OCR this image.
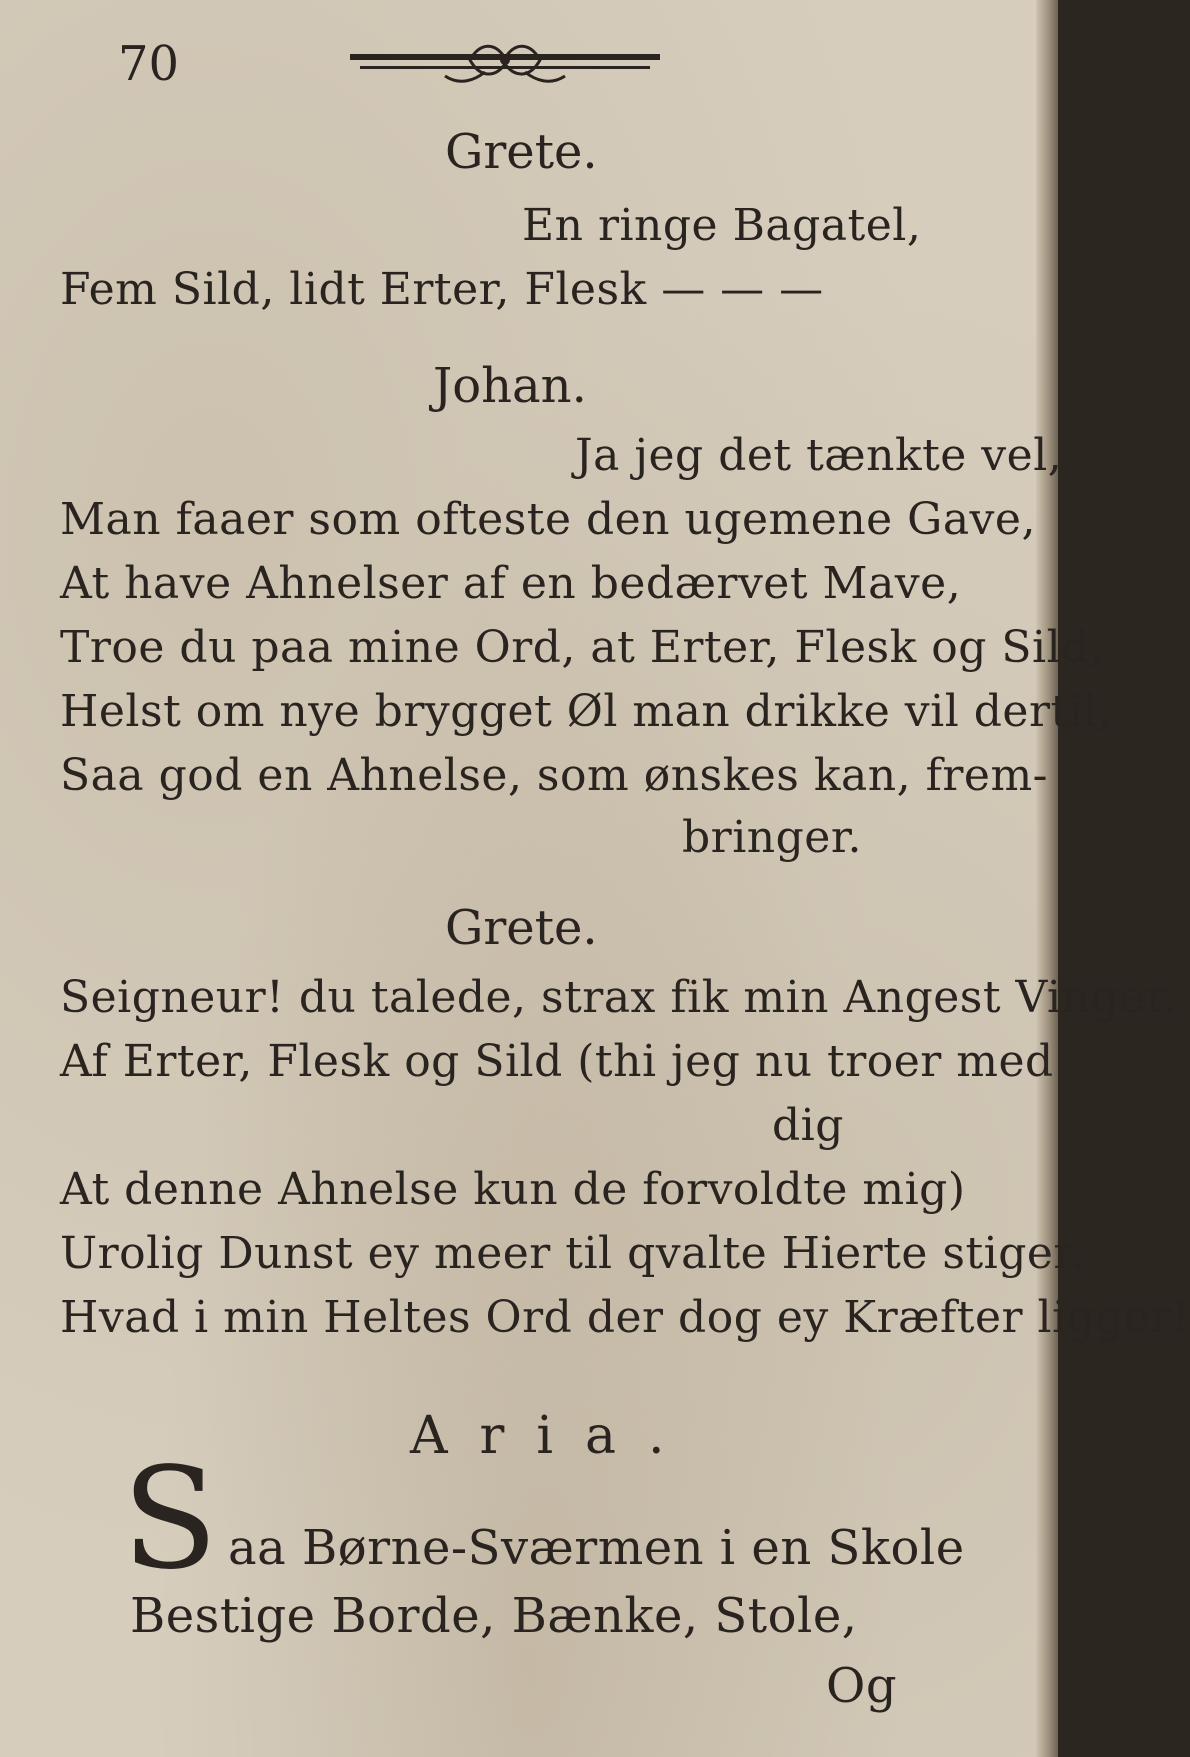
70
Grete.
En ringe Bagatel,
Fem Sild, lidt Erter, Flesk — — —
Johan.
Ja jeg det tænkte vel,
Man faaer som ofteste den ugemene Gave,
At have Ahnelser af en bedærvet Mave,
Troe du paa mine Ord, at Erter, Flesk og Sild,
Helst om nye brygget Øl man drikke vil dertil,
Saa god en Ahnelse, som ønskes kan, frem-
bringer.
Grete.
Seigneur! du talede, strax fik min Angest Vinger.
Af Erter, Flesk og Sild (thi jeg nu troer med
dig
At denne Ahnelse kun de forvoldte mig)
Urolig Dunst ey meer til qvalte Hierte stiger.
Hvad i min Heltes Ord der dog ey Kræfter ligger!
Aria.
S aa Børne-Sværmen i en Skole
Bestige Borde, Bænke, Stole,
Og
